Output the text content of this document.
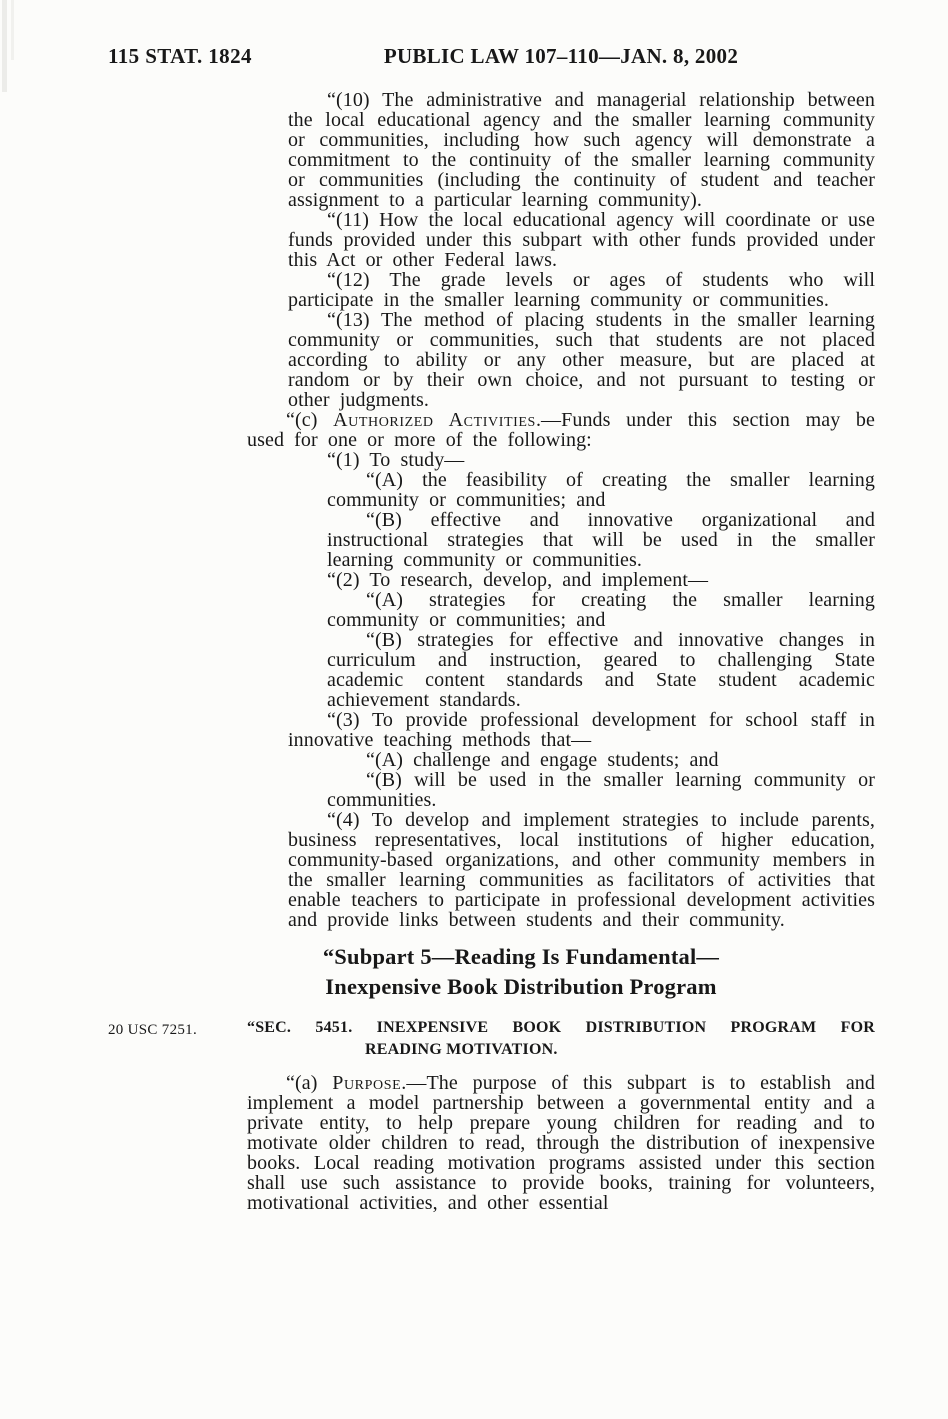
115 STAT. 1824	PUBLIC LAW 107–110—JAN. 8, 2002

“(10) The administrative and managerial relationship between the local educational agency and the smaller learning community or communities, including how such agency will demonstrate a commitment to the continuity of the smaller learning community or communities (including the continuity of student and teacher assignment to a particular learning community).

“(11) How the local educational agency will coordinate or use funds provided under this subpart with other funds provided under this Act or other Federal laws.

“(12) The grade levels or ages of students who will participate in the smaller learning community or communities.

“(13) The method of placing students in the smaller learning community or communities, such that students are not placed according to ability or any other measure, but are placed at random or by their own choice, and not pursuant to testing or other judgments.

“(c) Authorized Activities.—Funds under this section may be used for one or more of the following:

“(1) To study—

“(A) the feasibility of creating the smaller learning community or communities; and

“(B) effective and innovative organizational and instructional strategies that will be used in the smaller learning community or communities.

“(2) To research, develop, and implement—

“(A) strategies for creating the smaller learning community or communities; and

“(B) strategies for effective and innovative changes in curriculum and instruction, geared to challenging State academic content standards and State student academic achievement standards.

“(3) To provide professional development for school staff in innovative teaching methods that—

“(A) challenge and engage students; and

“(B) will be used in the smaller learning community or communities.

“(4) To develop and implement strategies to include parents, business representatives, local institutions of higher education, community-based organizations, and other community members in the smaller learning communities as facilitators of activities that enable teachers to participate in professional development activities and provide links between students and their community.

“Subpart 5—Reading Is Fundamental—
Inexpensive Book Distribution Program
20 USC 7251.	“SEC. 5451. INEXPENSIVE BOOK DISTRIBUTION PROGRAM FOR
READING MOTIVATION.

“(a) Purpose.—The purpose of this subpart is to establish and implement a model partnership between a governmental entity and a private entity, to help prepare young children for reading and to motivate older children to read, through the distribution of inexpensive books. Local reading motivation programs assisted under this section shall use such assistance to provide books, training for volunteers, motivational activities, and other essential
